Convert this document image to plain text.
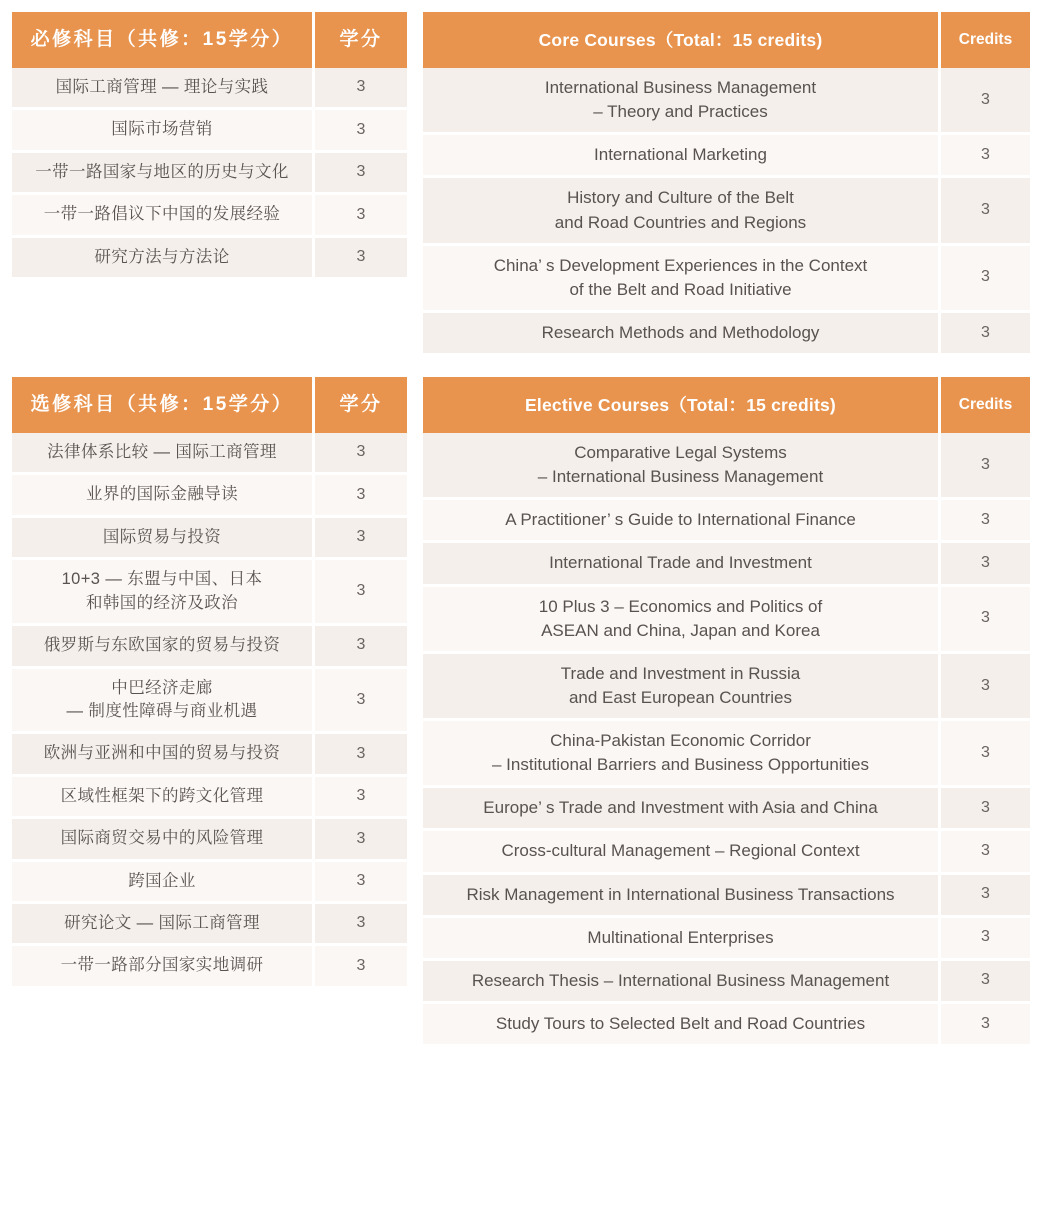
必修科目（共修：15学分）	学分

国际工商管理 — 理论与实践	3

国际市场营销	3

一带一路国家与地区的历史与文化	3

一带一路倡议下中国的发展经验	3

研究方法与方法论	3
Core Courses（Total：15 credits)	Credits

International Business Management
– Theory and Practices	3

International Marketing	3

History and Culture of the Belt
and Road Countries and Regions	3

China’ s Development Experiences in the Context
of the Belt and Road Initiative	3

Research Methods and Methodology	3
选修科目（共修：15学分）	学分

法律体系比较 — 国际工商管理	3

业界的国际金融导读	3

国际贸易与投资	3

10+3 — 东盟与中国、日本
和韩国的经济及政治	3

俄罗斯与东欧国家的贸易与投资	3

中巴经济走廊
— 制度性障碍与商业机遇	3

欧洲与亚洲和中国的贸易与投资	3

区域性框架下的跨文化管理	3

国际商贸交易中的风险管理	3

跨国企业	3

研究论文 — 国际工商管理	3

一带一路部分国家实地调研	3
Elective Courses（Total：15 credits)	Credits

Comparative Legal Systems
– International Business Management	3

A Practitioner’ s Guide to International Finance	3

International Trade and Investment	3

10 Plus 3 – Economics and Politics of
ASEAN and China, Japan and Korea	3

Trade and Investment in Russia
and East European Countries	3

China-Pakistan Economic Corridor
– Institutional Barriers and Business Opportunities	3

Europe’ s Trade and Investment with Asia and China	3

Cross-cultural Management – Regional Context	3

Risk Management in International Business Transactions	3

Multinational Enterprises	3

Research Thesis – International Business Management	3

Study Tours to Selected Belt and Road Countries	3
